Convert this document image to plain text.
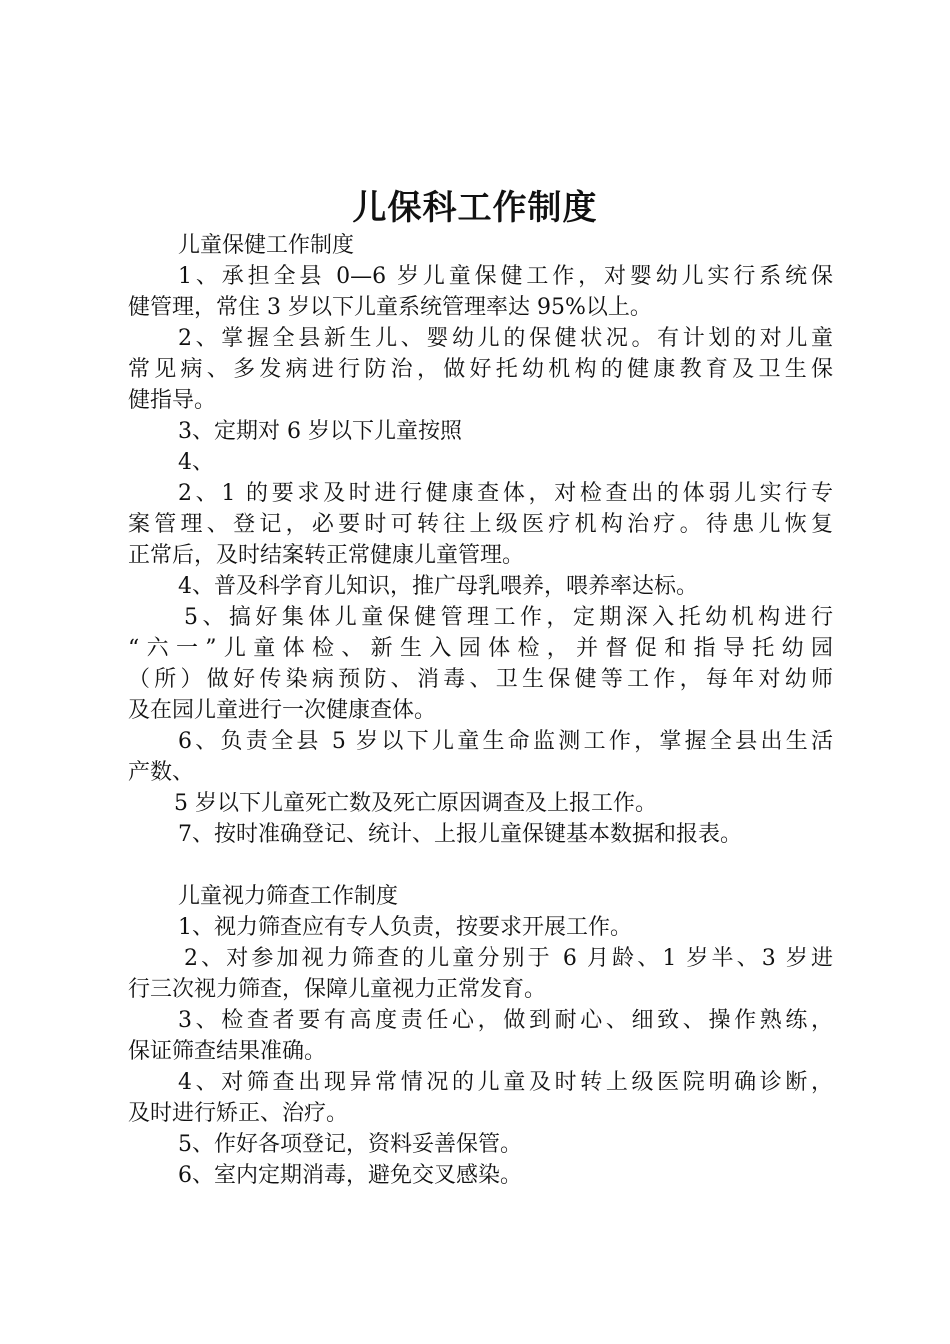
儿保科工作制度
儿童保健工作制度
1、承担全县 0—6 岁儿童保健工作，对婴幼儿实行系统保
健管理，常住 3 岁以下儿童系统管理率达 95%以上。
2、掌握全县新生儿、婴幼儿的保健状况。有计划的对儿童
常见病、多发病进行防治，做好托幼机构的健康教育及卫生保
健指导。
3、定期对 6 岁以下儿童按照
4、
2、1 的要求及时进行健康查体，对检查出的体弱儿实行专
案管理、登记，必要时可转往上级医疗机构治疗。待患儿恢复
正常后，及时结案转正常健康儿童管理。
4、普及科学育儿知识，推广母乳喂养，喂养率达标。
5、搞好集体儿童保健管理工作，定期深入托幼机构进行
“六一”儿童体检、新生入园体检，并督促和指导托幼园
（所）做好传染病预防、消毒、卫生保健等工作，每年对幼师
及在园儿童进行一次健康查体。
6、负责全县 5 岁以下儿童生命监测工作，掌握全县出生活
产数、
5 岁以下儿童死亡数及死亡原因调查及上报工作。
7、按时准确登记、统计、上报儿童保键基本数据和报表。
儿童视力筛查工作制度
1、视力筛查应有专人负责，按要求开展工作。
2、对参加视力筛查的儿童分别于 6 月龄、1 岁半、3 岁进
行三次视力筛查，保障儿童视力正常发育。
3、检查者要有高度责任心，做到耐心、细致、操作熟练，
保证筛查结果准确。
4、对筛查出现异常情况的儿童及时转上级医院明确诊断，
及时进行矫正、治疗。
5、作好各项登记，资料妥善保管。
6、室内定期消毒，避免交叉感染。
